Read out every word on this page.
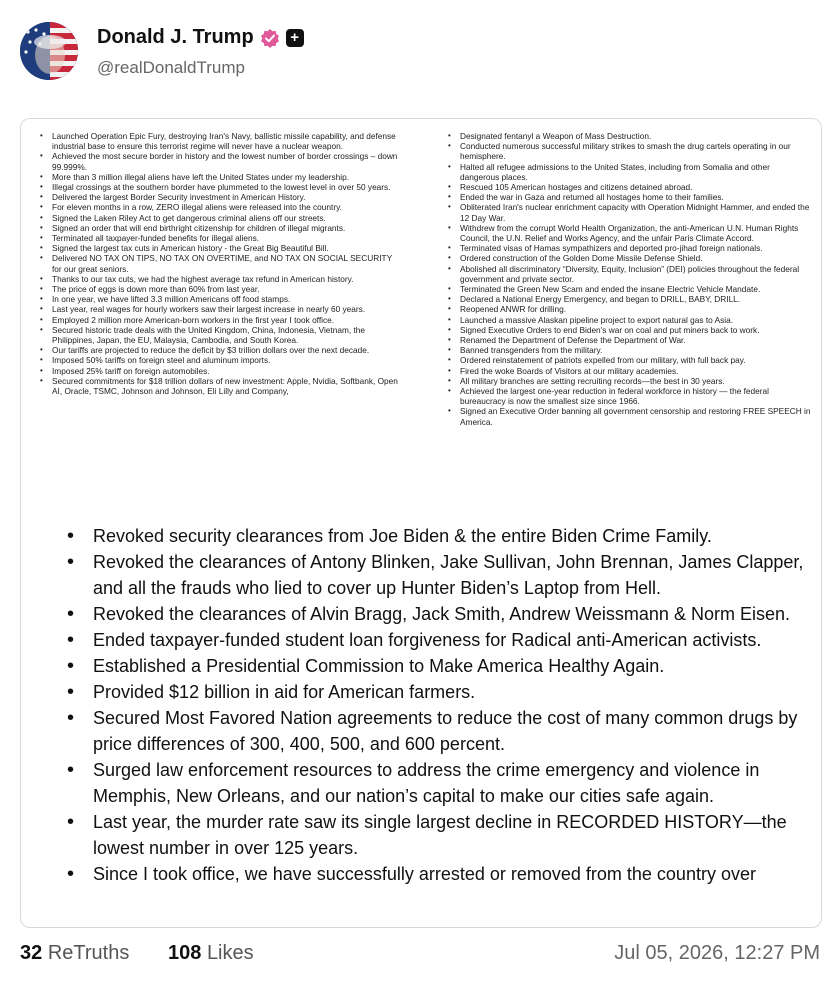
Donald J. Trump	+
@realDonaldTrump
• Launched Operation Epic Fury, destroying Iran's Navy, ballistic missile capability, and defense industrial base to ensure this terrorist regime will never have a nuclear weapon.
• Achieved the most secure border in history and the lowest number of border crossings – down 99.999%.
• More than 3 million illegal aliens have left the United States under my leadership.
• Illegal crossings at the southern border have plummeted to the lowest level in over 50 years.
• Delivered the largest Border Security investment in American History.
• For eleven months in a row, ZERO illegal aliens were released into the country.
• Signed the Laken Riley Act to get dangerous criminal aliens off our streets.
• Signed an order that will end birthright citizenship for children of illegal migrants.
• Terminated all taxpayer-funded benefits for illegal aliens.
• Signed the largest tax cuts in American history - the Great Big Beautiful Bill.
• Delivered NO TAX ON TIPS, NO TAX ON OVERTIME, and NO TAX ON SOCIAL SECURITY for our great seniors.
• Thanks to our tax cuts, we had the highest average tax refund in American history.
• The price of eggs is down more than 60% from last year.
• In one year, we have lifted 3.3 million Americans off food stamps.
• Last year, real wages for hourly workers saw their largest increase in nearly 60 years.
• Employed 2 million more American-born workers in the first year I took office.
• Secured historic trade deals with the United Kingdom, China, Indonesia, Vietnam, the Philippines, Japan, the EU, Malaysia, Cambodia, and South Korea.
• Our tariffs are projected to reduce the deficit by $3 trillion dollars over the next decade.
• Imposed 50% tariffs on foreign steel and aluminum imports.
• Imposed 25% tariff on foreign automobiles.
• Secured commitments for $18 trillion dollars of new investment: Apple, Nvidia, Softbank, Open AI, Oracle, TSMC, Johnson and Johnson, Eli Lilly and Company,
• Designated fentanyl a Weapon of Mass Destruction.
• Conducted numerous successful military strikes to smash the drug cartels operating in our hemisphere.
• Halted all refugee admissions to the United States, including from Somalia and other dangerous places.
• Rescued 105 American hostages and citizens detained abroad.
• Ended the war in Gaza and returned all hostages home to their families.
• Obliterated Iran's nuclear enrichment capacity with Operation Midnight Hammer, and ended the 12 Day War.
• Withdrew from the corrupt World Health Organization, the anti-American U.N. Human Rights Council, the U.N. Relief and Works Agency, and the unfair Paris Climate Accord.
• Terminated visas of Hamas sympathizers and deported pro-jihad foreign nationals.
• Ordered construction of the Golden Dome Missile Defense Shield.
• Abolished all discriminatory “Diversity, Equity, Inclusion” (DEI) policies throughout the federal government and private sector.
• Terminated the Green New Scam and ended the insane Electric Vehicle Mandate.
• Declared a National Energy Emergency, and began to DRILL, BABY, DRILL.
• Reopened ANWR for drilling.
• Launched a massive Alaskan pipeline project to export natural gas to Asia.
• Signed Executive Orders to end Biden's war on coal and put miners back to work.
• Renamed the Department of Defense the Department of War.
• Banned transgenders from the military.
• Ordered reinstatement of patriots expelled from our military, with full back pay.
• Fired the woke Boards of Visitors at our military academies.
• All military branches are setting recruiting records—the best in 30 years.
• Achieved the largest one-year reduction in federal workforce in history — the federal bureaucracy is now the smallest size since 1966.
• Signed an Executive Order banning all government censorship and restoring FREE SPEECH in America.
• Revoked security clearances from Joe Biden & the entire Biden Crime Family.
• Revoked the clearances of Antony Blinken, Jake Sullivan, John Brennan, James Clapper, and all the frauds who lied to cover up Hunter Biden’s Laptop from Hell.
• Revoked the clearances of Alvin Bragg, Jack Smith, Andrew Weissmann & Norm Eisen.
• Ended taxpayer-funded student loan forgiveness for Radical anti-American activists.
• Established a Presidential Commission to Make America Healthy Again.
• Provided $12 billion in aid for American farmers.
• Secured Most Favored Nation agreements to reduce the cost of many common drugs by price differences of 300, 400, 500, and 600 percent.
• Surged law enforcement resources to address the crime emergency and violence in Memphis, New Orleans, and our nation’s capital to make our cities safe again.
• Last year, the murder rate saw its single largest decline in RECORDED HISTORY—the lowest number in over 125 years.
• Since I took office, we have successfully arrested or removed from the country over
32 ReTruths 108 Likes	Jul 05, 2026, 12:27 PM
